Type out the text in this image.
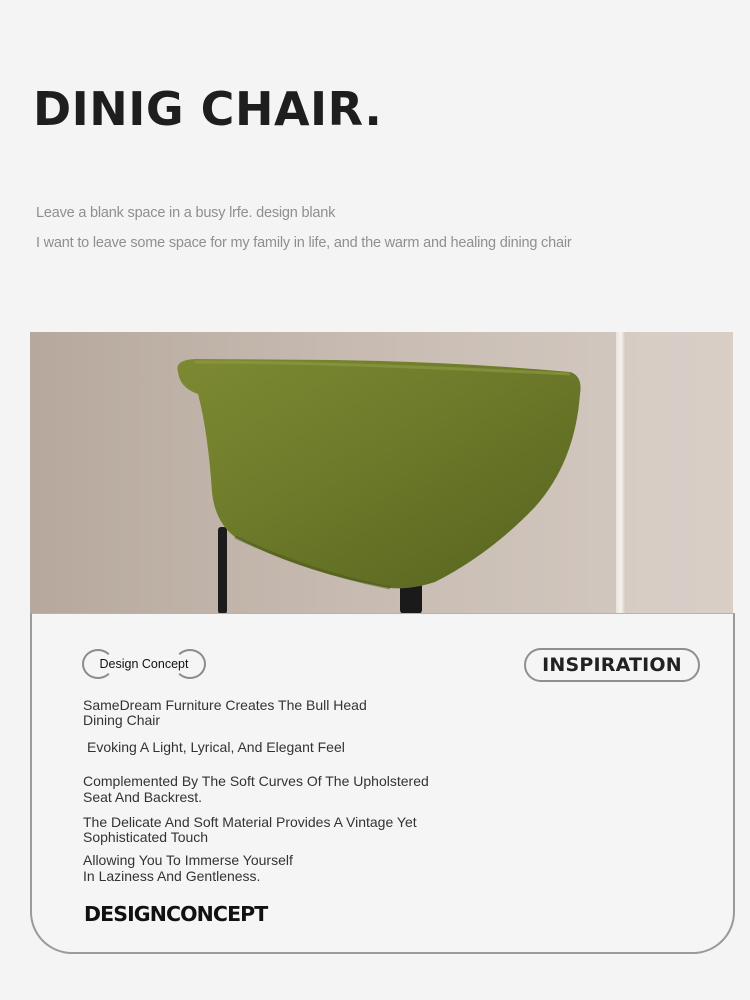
DINIG CHAIR.

Leave a blank space in a busy lrfe. design blank

I want to leave some space for my family in life, and the warm and healing dining chair

Design Concept	INSPIRATION

SameDream Furniture Creates The Bull Head
Dining Chair

Evoking A Light, Lyrical, And Elegant Feel

Complemented By The Soft Curves Of The Upholstered
Seat And Backrest.

The Delicate And Soft Material Provides A Vintage Yet
Sophisticated Touch

Allowing You To Immerse Yourself
In Laziness And Gentleness.

DESIGNCONCEPT
